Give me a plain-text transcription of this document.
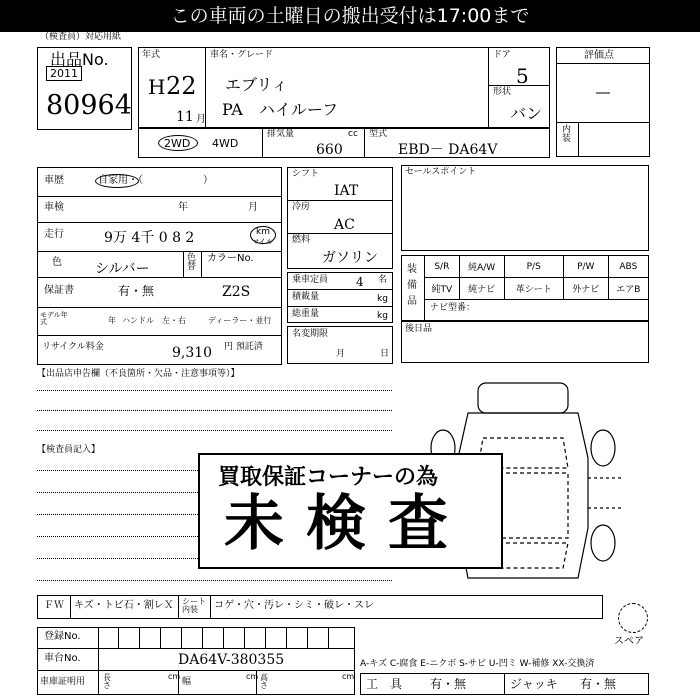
この車両の土曜日の搬出受付は17:00まで
（検査員）対応用紙
出品No.
2011
80964
年式
H 22
11 月
車名・グレード
エブリィ
PA　ハイルーフ
ドア
5
形状
バン
評価点
―
内装
2WD 4WD
排気量	cc
660
型式
EBD－ DA64V
車歴	自家用・（　　　　　　）
車検	年	月
走行	9万 4千 0 8 2	km
マイル
色 シルバー
色替
カラーNo.
保証書	有・無	Z2S
モデル年式	年 ハンドル　左・右	ディーラー・並行
リサイクル料金	9,310 円 預託済
シフト
IAT
冷房
AC
燃料
ガソリン
乗車定員 4 名
積載量	kg
総重量	kg
名変期限
月	日
セールスポイント
装備品
S/R	純A/W	P/S	P/W	ABS
純TV	純ナビ	革シート	外ナビ	エアB
ナビ型番：
後日品
【出品店申告欄（不良箇所・欠品・注意事項等）】
【検査員記入】
買取保証コーナーの為
未検査
ＦＷ キズ・トビ石・割レＸ シート内装	コゲ・穴・汚レ・シミ・破レ・スレ
登録No.
車台No.	DA64V-380355
車庫証明用 長さ
cm
幅
cm 高さ
cm
スペア
A-キズ C-腐食 E-ニクボ S-サビ U-凹ミ W-補修 XX-交換済
工　具 有・無	ジャッキ 有・無
